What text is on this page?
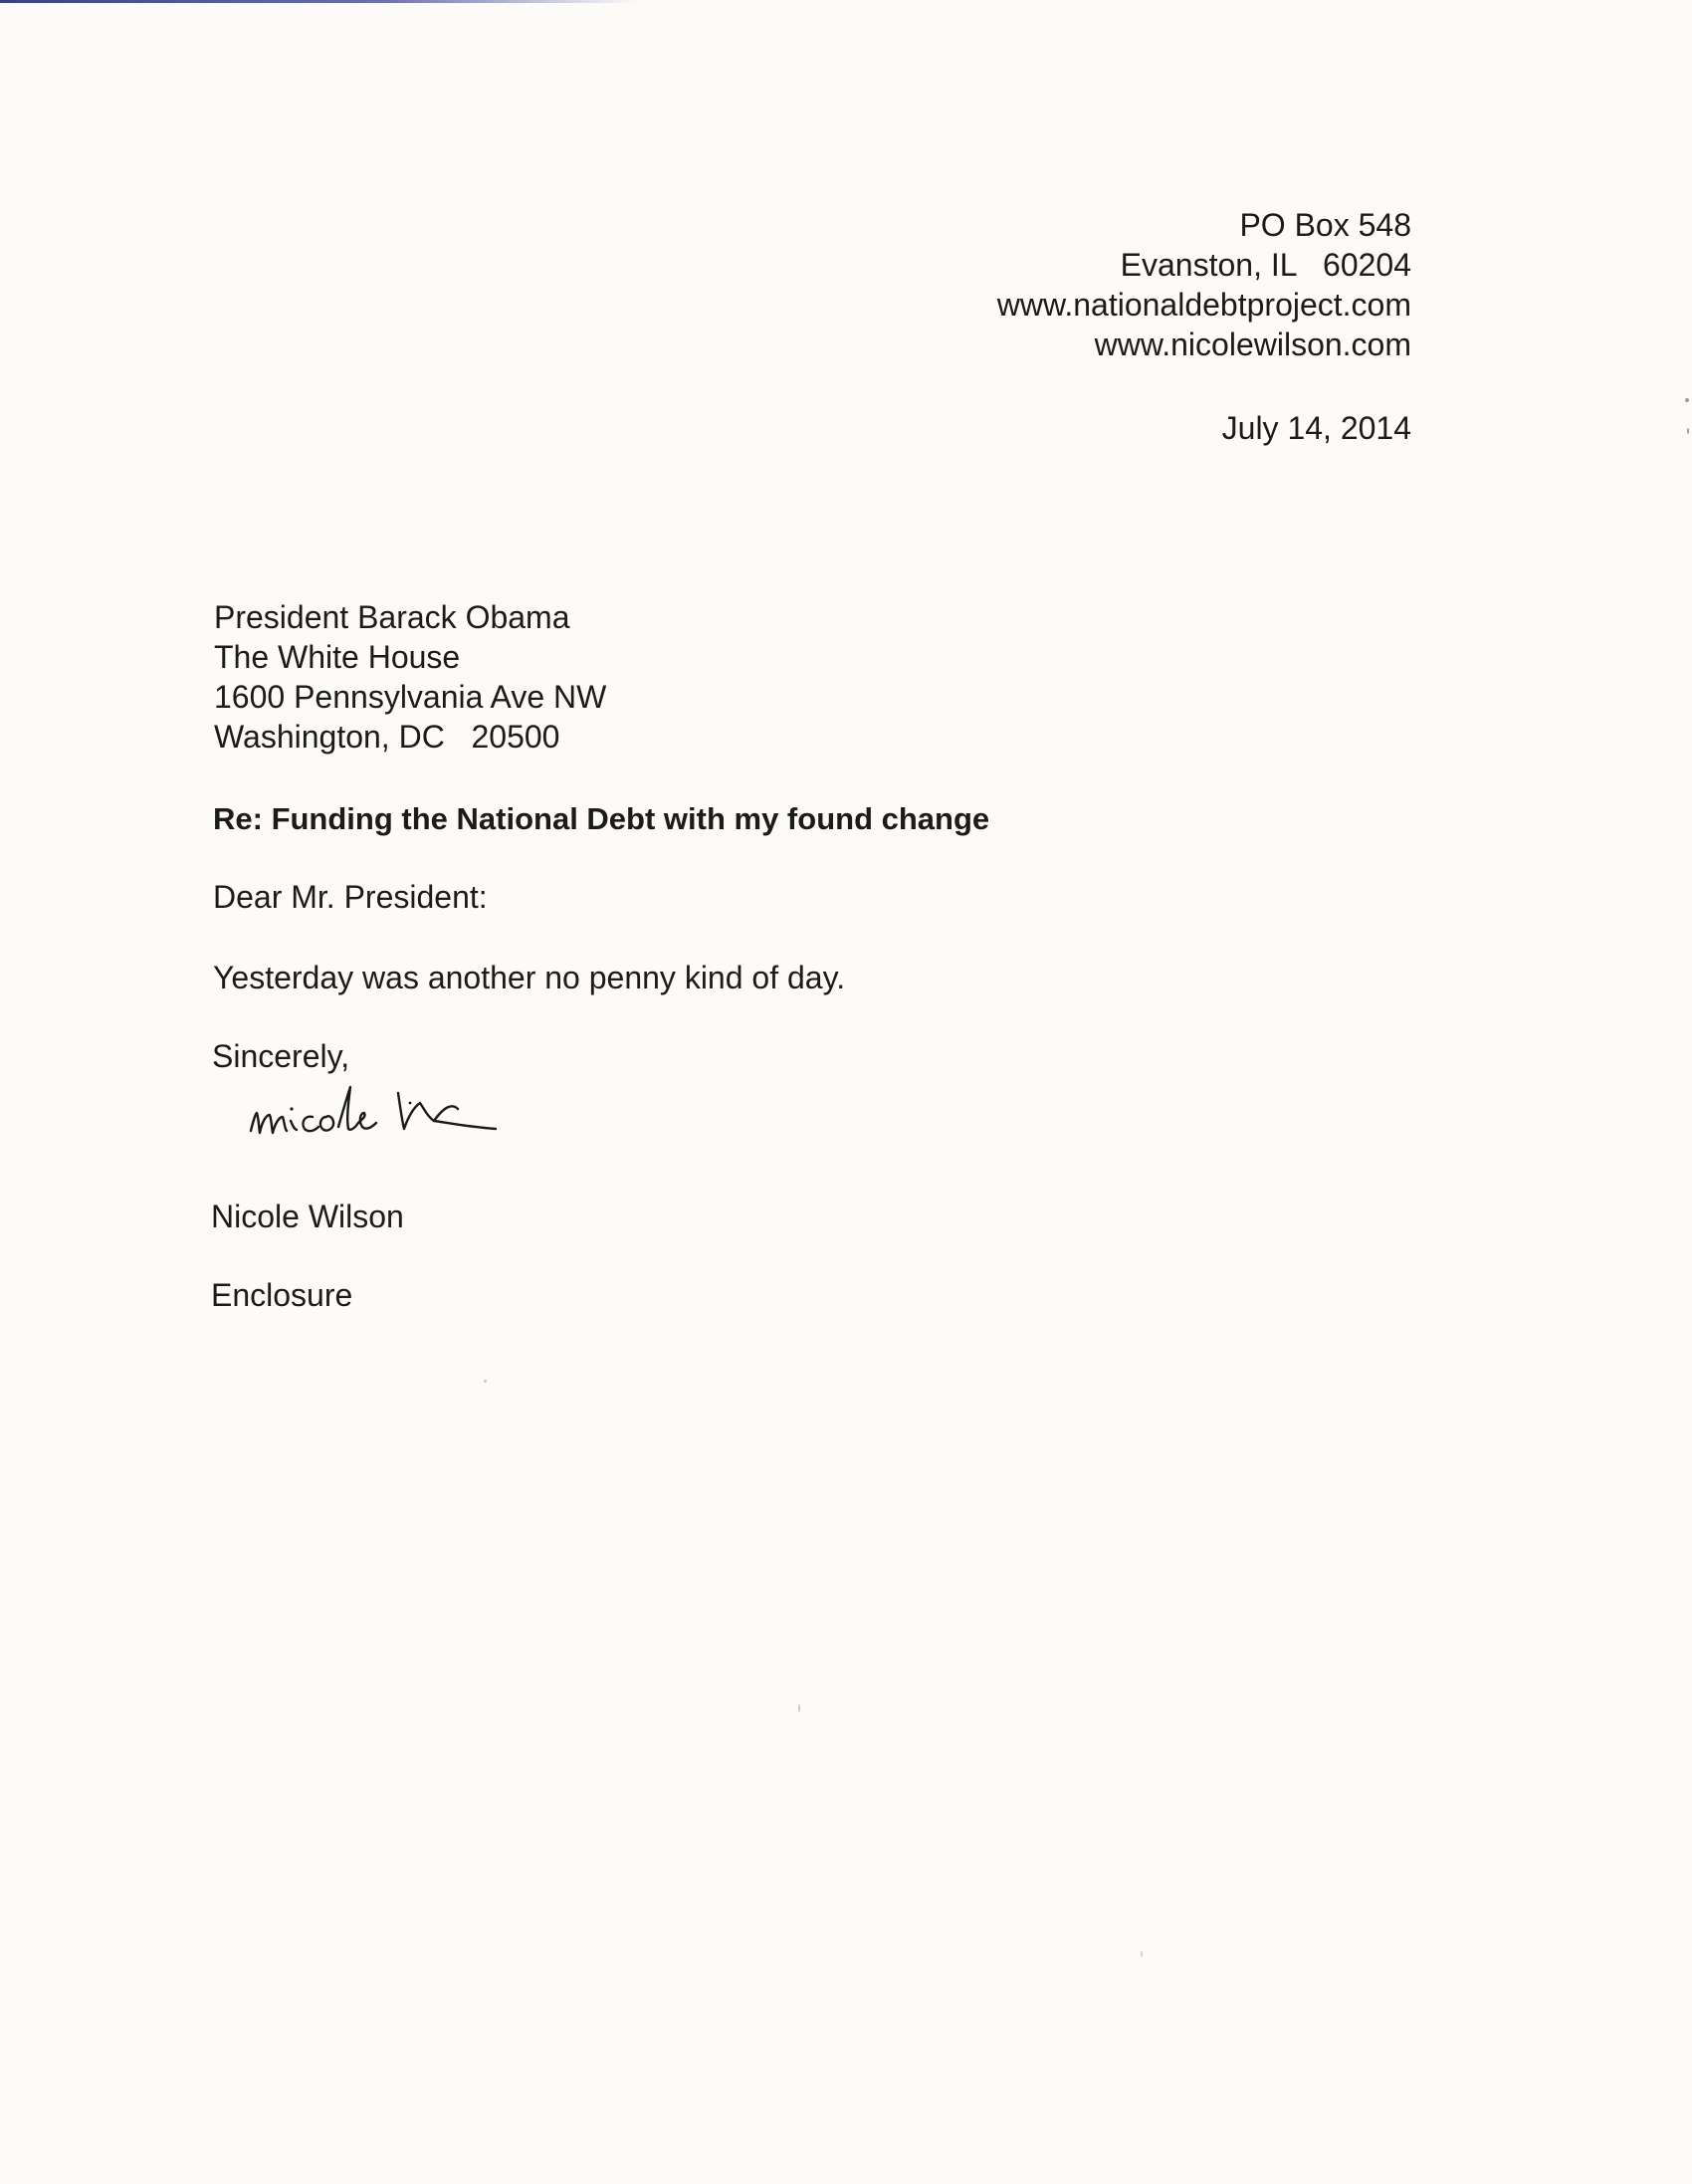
PO Box 548
Evanston, IL   60204
www.nationaldebtproject.com
www.nicolewilson.com
July 14, 2014
President Barack Obama
The White House
1600 Pennsylvania Ave NW
Washington, DC   20500
Re: Funding the National Debt with my found change
Dear Mr. President:
Yesterday was another no penny kind of day.
Sincerely,
Nicole Wilson
Enclosure
